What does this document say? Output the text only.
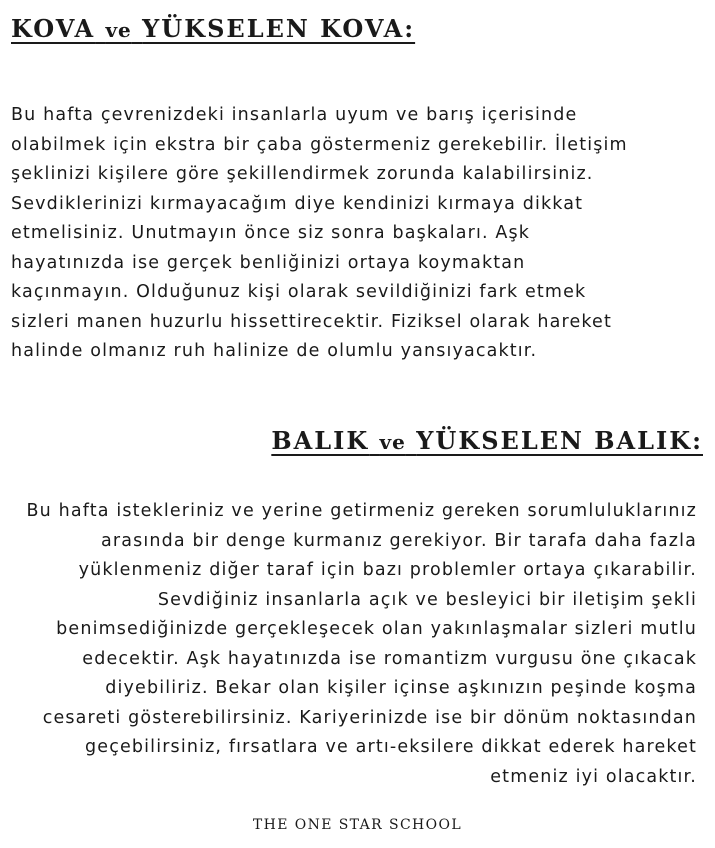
KOVA ve YÜKSELEN KOVA:
Bu hafta çevrenizdeki insanlarla uyum ve barış içerisinde
olabilmek için ekstra bir çaba göstermeniz gerekebilir. İletişim
şeklinizi kişilere göre şekillendirmek zorunda kalabilirsiniz.
Sevdiklerinizi kırmayacağım diye kendinizi kırmaya dikkat
etmelisiniz. Unutmayın önce siz sonra başkaları. Aşk
hayatınızda ise gerçek benliğinizi ortaya koymaktan
kaçınmayın. Olduğunuz kişi olarak sevildiğinizi fark etmek
sizleri manen huzurlu hissettirecektir. Fiziksel olarak hareket
halinde olmanız ruh halinize de olumlu yansıyacaktır.
BALIK ve YÜKSELEN BALIK:
Bu hafta istekleriniz ve yerine getirmeniz gereken sorumluluklarınız
arasında bir denge kurmanız gerekiyor. Bir tarafa daha fazla
yüklenmeniz diğer taraf için bazı problemler ortaya çıkarabilir.
Sevdiğiniz insanlarla açık ve besleyici bir iletişim şekli
benimsediğinizde gerçekleşecek olan yakınlaşmalar sizleri mutlu
edecektir. Aşk hayatınızda ise romantizm vurgusu öne çıkacak
diyebiliriz. Bekar olan kişiler içinse aşkınızın peşinde koşma
cesareti gösterebilirsiniz. Kariyerinizde ise bir dönüm noktasından
geçebilirsiniz, fırsatlara ve artı-eksilere dikkat ederek hareket
etmeniz iyi olacaktır.

THE ONE STAR SCHOOL
